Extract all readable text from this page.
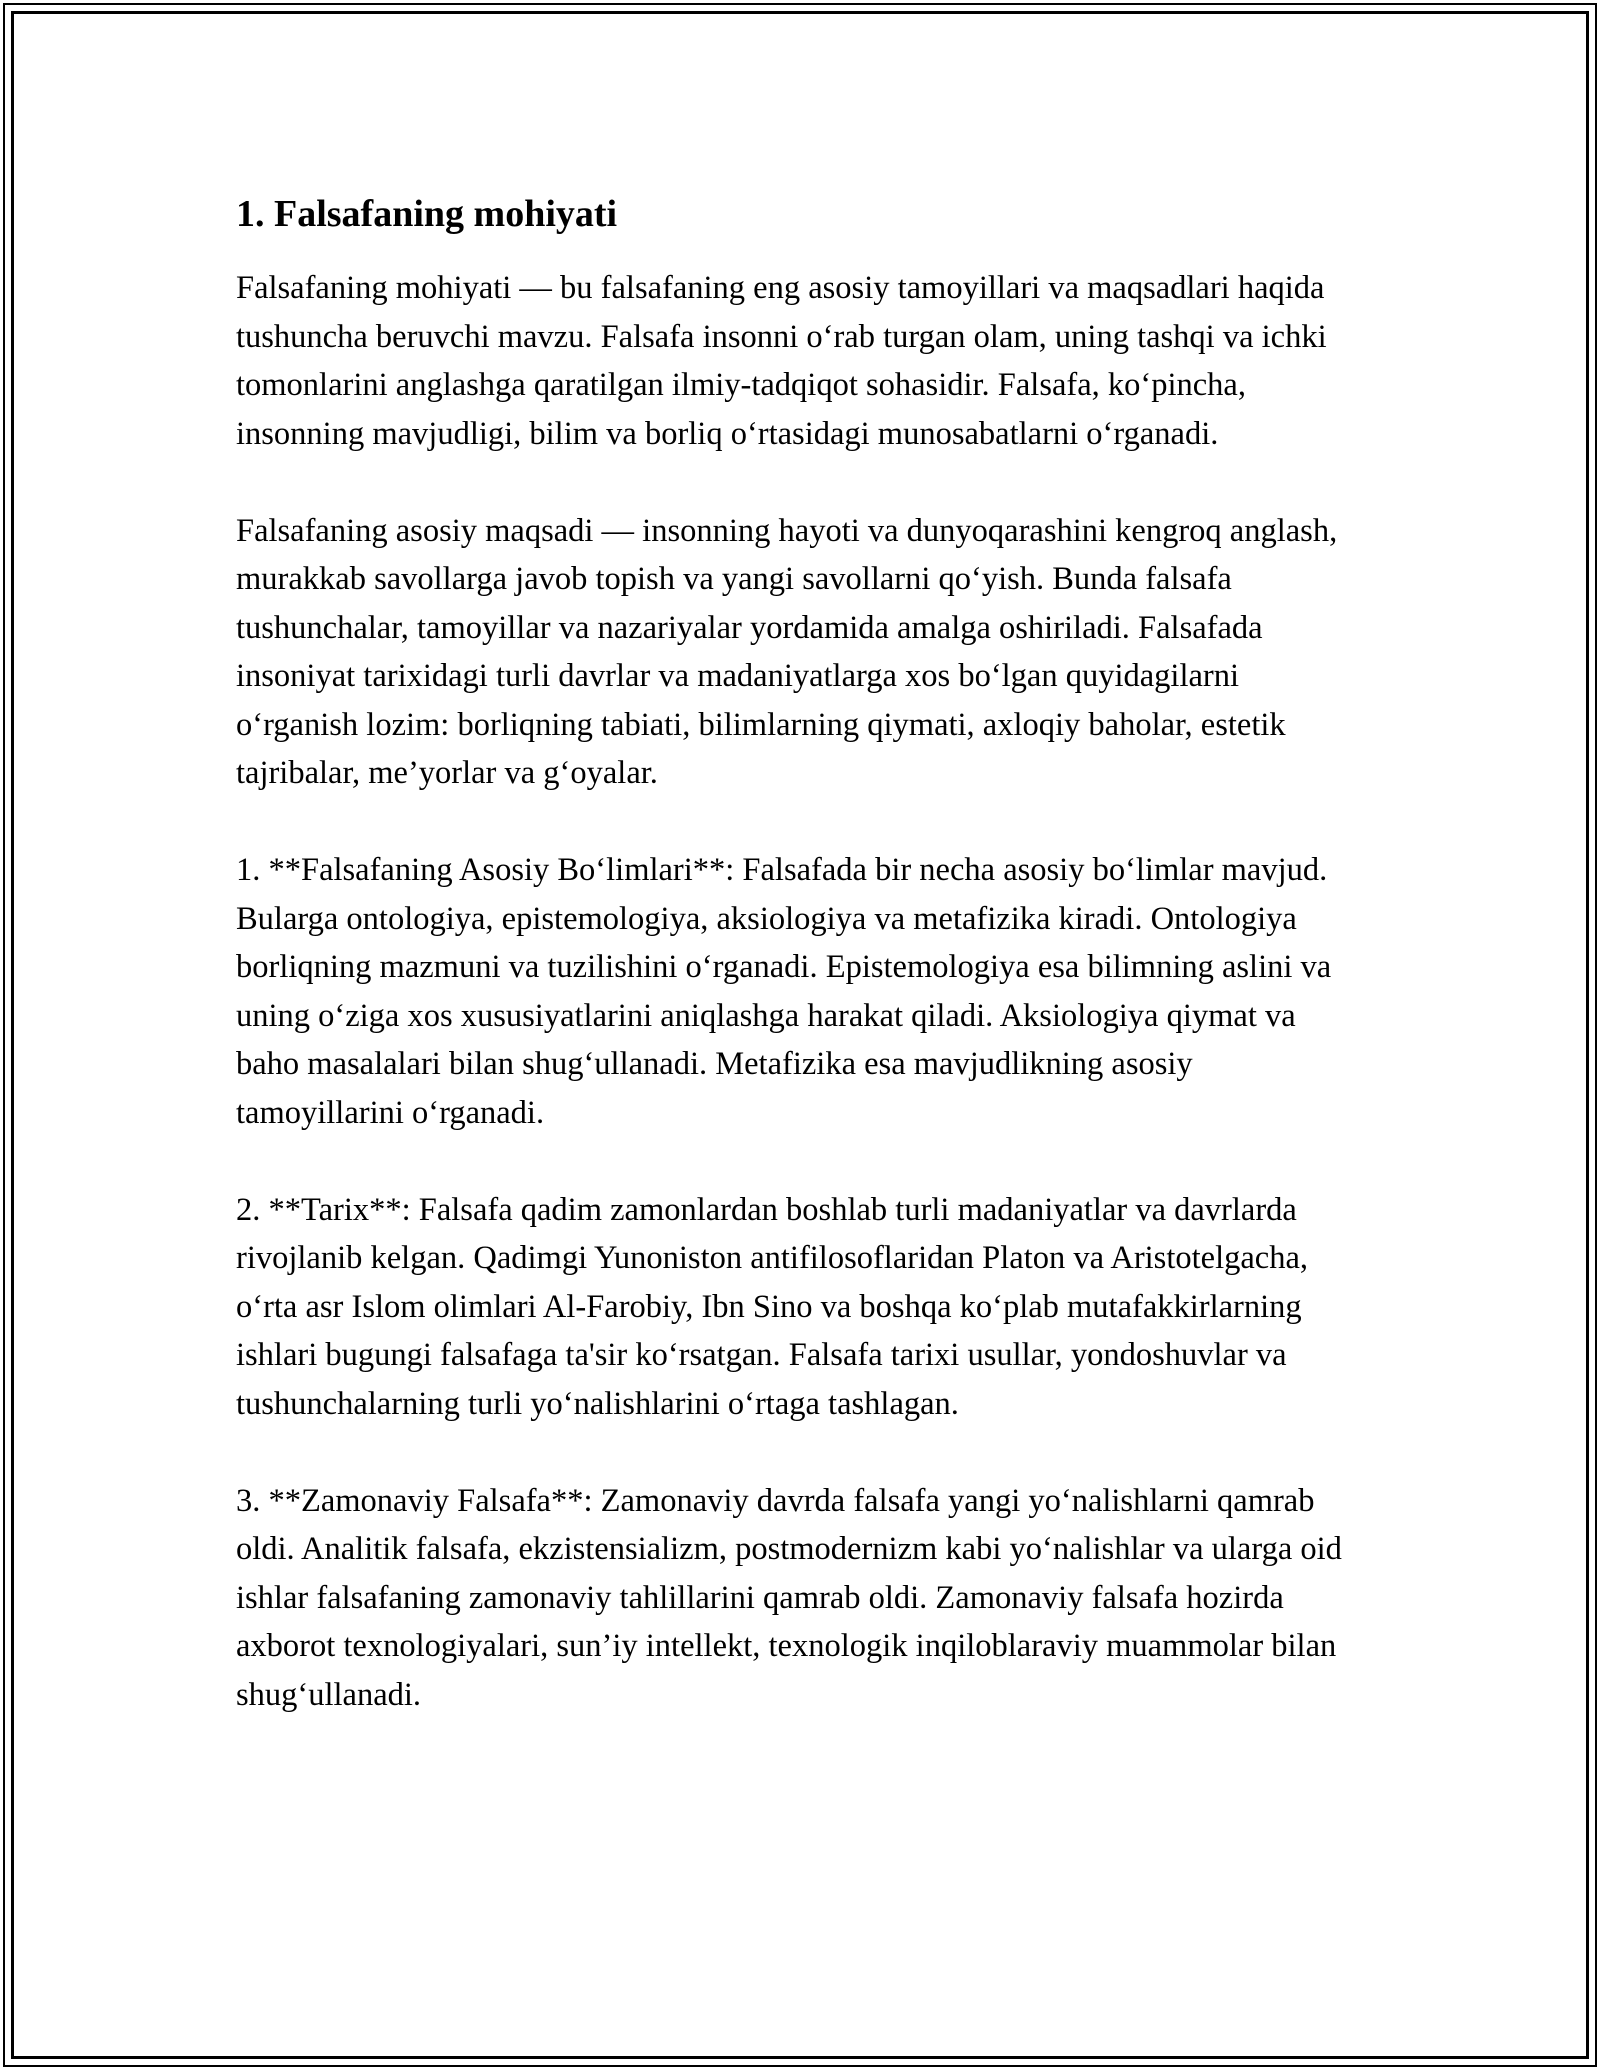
1. Falsafaning mohiyati

Falsafaning mohiyati — bu falsafaning eng asosiy tamoyillari va maqsadlari haqida tushuncha beruvchi mavzu. Falsafa insonni o‘rab turgan olam, uning tashqi va ichki tomonlarini anglashga qaratilgan ilmiy-tadqiqot sohasidir. Falsafa, ko‘pincha, insonning mavjudligi, bilim va borliq o‘rtasidagi munosabatlarni o‘rganadi.

Falsafaning asosiy maqsadi — insonning hayoti va dunyoqarashini kengroq anglash, murakkab savollarga javob topish va yangi savollarni qo‘yish. Bunda falsafa tushunchalar, tamoyillar va nazariyalar yordamida amalga oshiriladi. Falsafada insoniyat tarixidagi turli davrlar va madaniyatlarga xos bo‘lgan quyidagilarni o‘rganish lozim: borliqning tabiati, bilimlarning qiymati, axloqiy baholar, estetik tajribalar, me’yorlar va g‘oyalar.

1. **Falsafaning Asosiy Bo‘limlari**: Falsafada bir necha asosiy bo‘limlar mavjud. Bularga ontologiya, epistemologiya, aksiologiya va metafizika kiradi. Ontologiya borliqning mazmuni va tuzilishini o‘rganadi. Epistemologiya esa bilimning aslini va uning o‘ziga xos xususiyatlarini aniqlashga harakat qiladi. Aksiologiya qiymat va baho masalalari bilan shug‘ullanadi. Metafizika esa mavjudlikning asosiy tamoyillarini o‘rganadi.

2. **Tarix**: Falsafa qadim zamonlardan boshlab turli madaniyatlar va davrlarda rivojlanib kelgan. Qadimgi Yunoniston antifilosoflaridan Platon va Aristotelgacha, o‘rta asr Islom olimlari Al-Farobiy, Ibn Sino va boshqa ko‘plab mutafakkirlarning ishlari bugungi falsafaga ta'sir ko‘rsatgan. Falsafa tarixi usullar, yondoshuvlar va tushunchalarning turli yo‘nalishlarini o‘rtaga tashlagan.

3. **Zamonaviy Falsafa**: Zamonaviy davrda falsafa yangi yo‘nalishlarni qamrab oldi. Analitik falsafa, ekzistensializm, postmodernizm kabi yo‘nalishlar va ularga oid ishlar falsafaning zamonaviy tahlillarini qamrab oldi. Zamonaviy falsafa hozirda axborot texnologiyalari, sun’iy intellekt, texnologik inqiloblaraviy muammolar bilan shug‘ullanadi.
